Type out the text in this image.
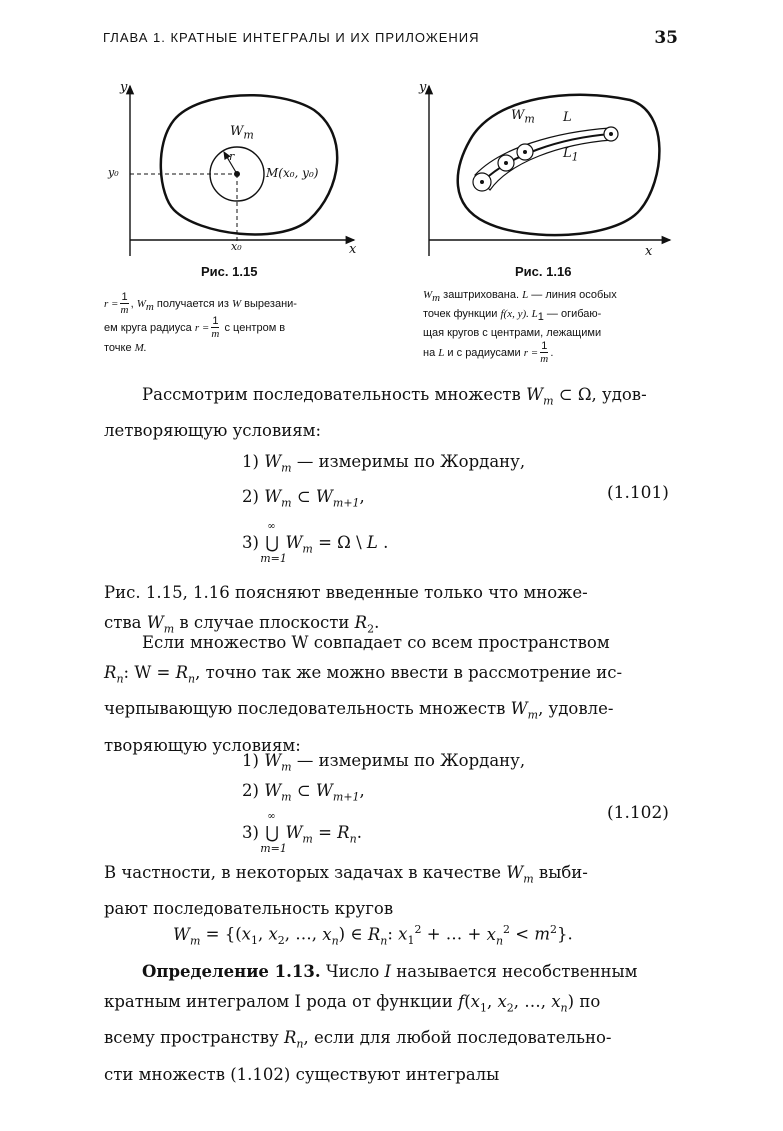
ГЛАВА 1. КРАТНЫЕ ИНТЕГРАЛЫ И ИХ ПРИЛОЖЕНИЯ	35
y
x
y₀
x₀
r
$W_m$
M(x₀, y₀)
Рис. 1.15
$r = \frac{1}{m}$ , $W_m$ получается из W вырезани-
ем круга радиуса $r = \frac{1}{m}$ с центром в
точке M.
y
x
$W_m$ L
$L_1$
Рис. 1.16
$W_m$ заштрихована. L — линия особых
точек функции f(x, y). $L_1$ — огибаю-
щая кругов с центрами, лежащими
на L и с радиусами $r = \frac{1}{m}$ .
Рассмотрим последовательность множеств $W_m$ ⊂ Ω, удов-
летворяющую условиям:
1) $W_m$ — измеримы по Жордану,
2) $W_m$ ⊂ $W_{m+1}$,	(1.101)
3) ⋃
∞
m=1
$W_m = \Omega$ \ L .
Рис. 1.15, 1.16 поясняют введенные только что множе-
ства $W_m$ в случае плоскости $R_2$.
Если множество W совпадает со всем пространством
$R_n$: $W = R_n$, точно так же можно ввести в рассмотрение ис-
черпывающую последовательность множеств $W_m$, удовле-
творяющую условиям:
1) $W_m$ — измеримы по Жордану,
2) $W_m$ ⊂ $W_{m+1}$,
(1.102)
3) ⋃
∞
m=1
$W_m = R_n$.
В частности, в некоторых задачах в качестве $W_m$ выби-
рают последовательность кругов
$W_m = \{(x_1$, $x_2$, …, $x_n$) ∈ $R_n$: $x_1^2$ + … + $x_n^2 < m^2$}.
Определение 1.13. Число I называется несобственным
кратным интегралом I рода от функции $f(x_1$, $x_2$, …, $x_n$) по
всему пространству $R_n$, если для любой последовательно-
сти множеств (1.102) существуют интегралы
